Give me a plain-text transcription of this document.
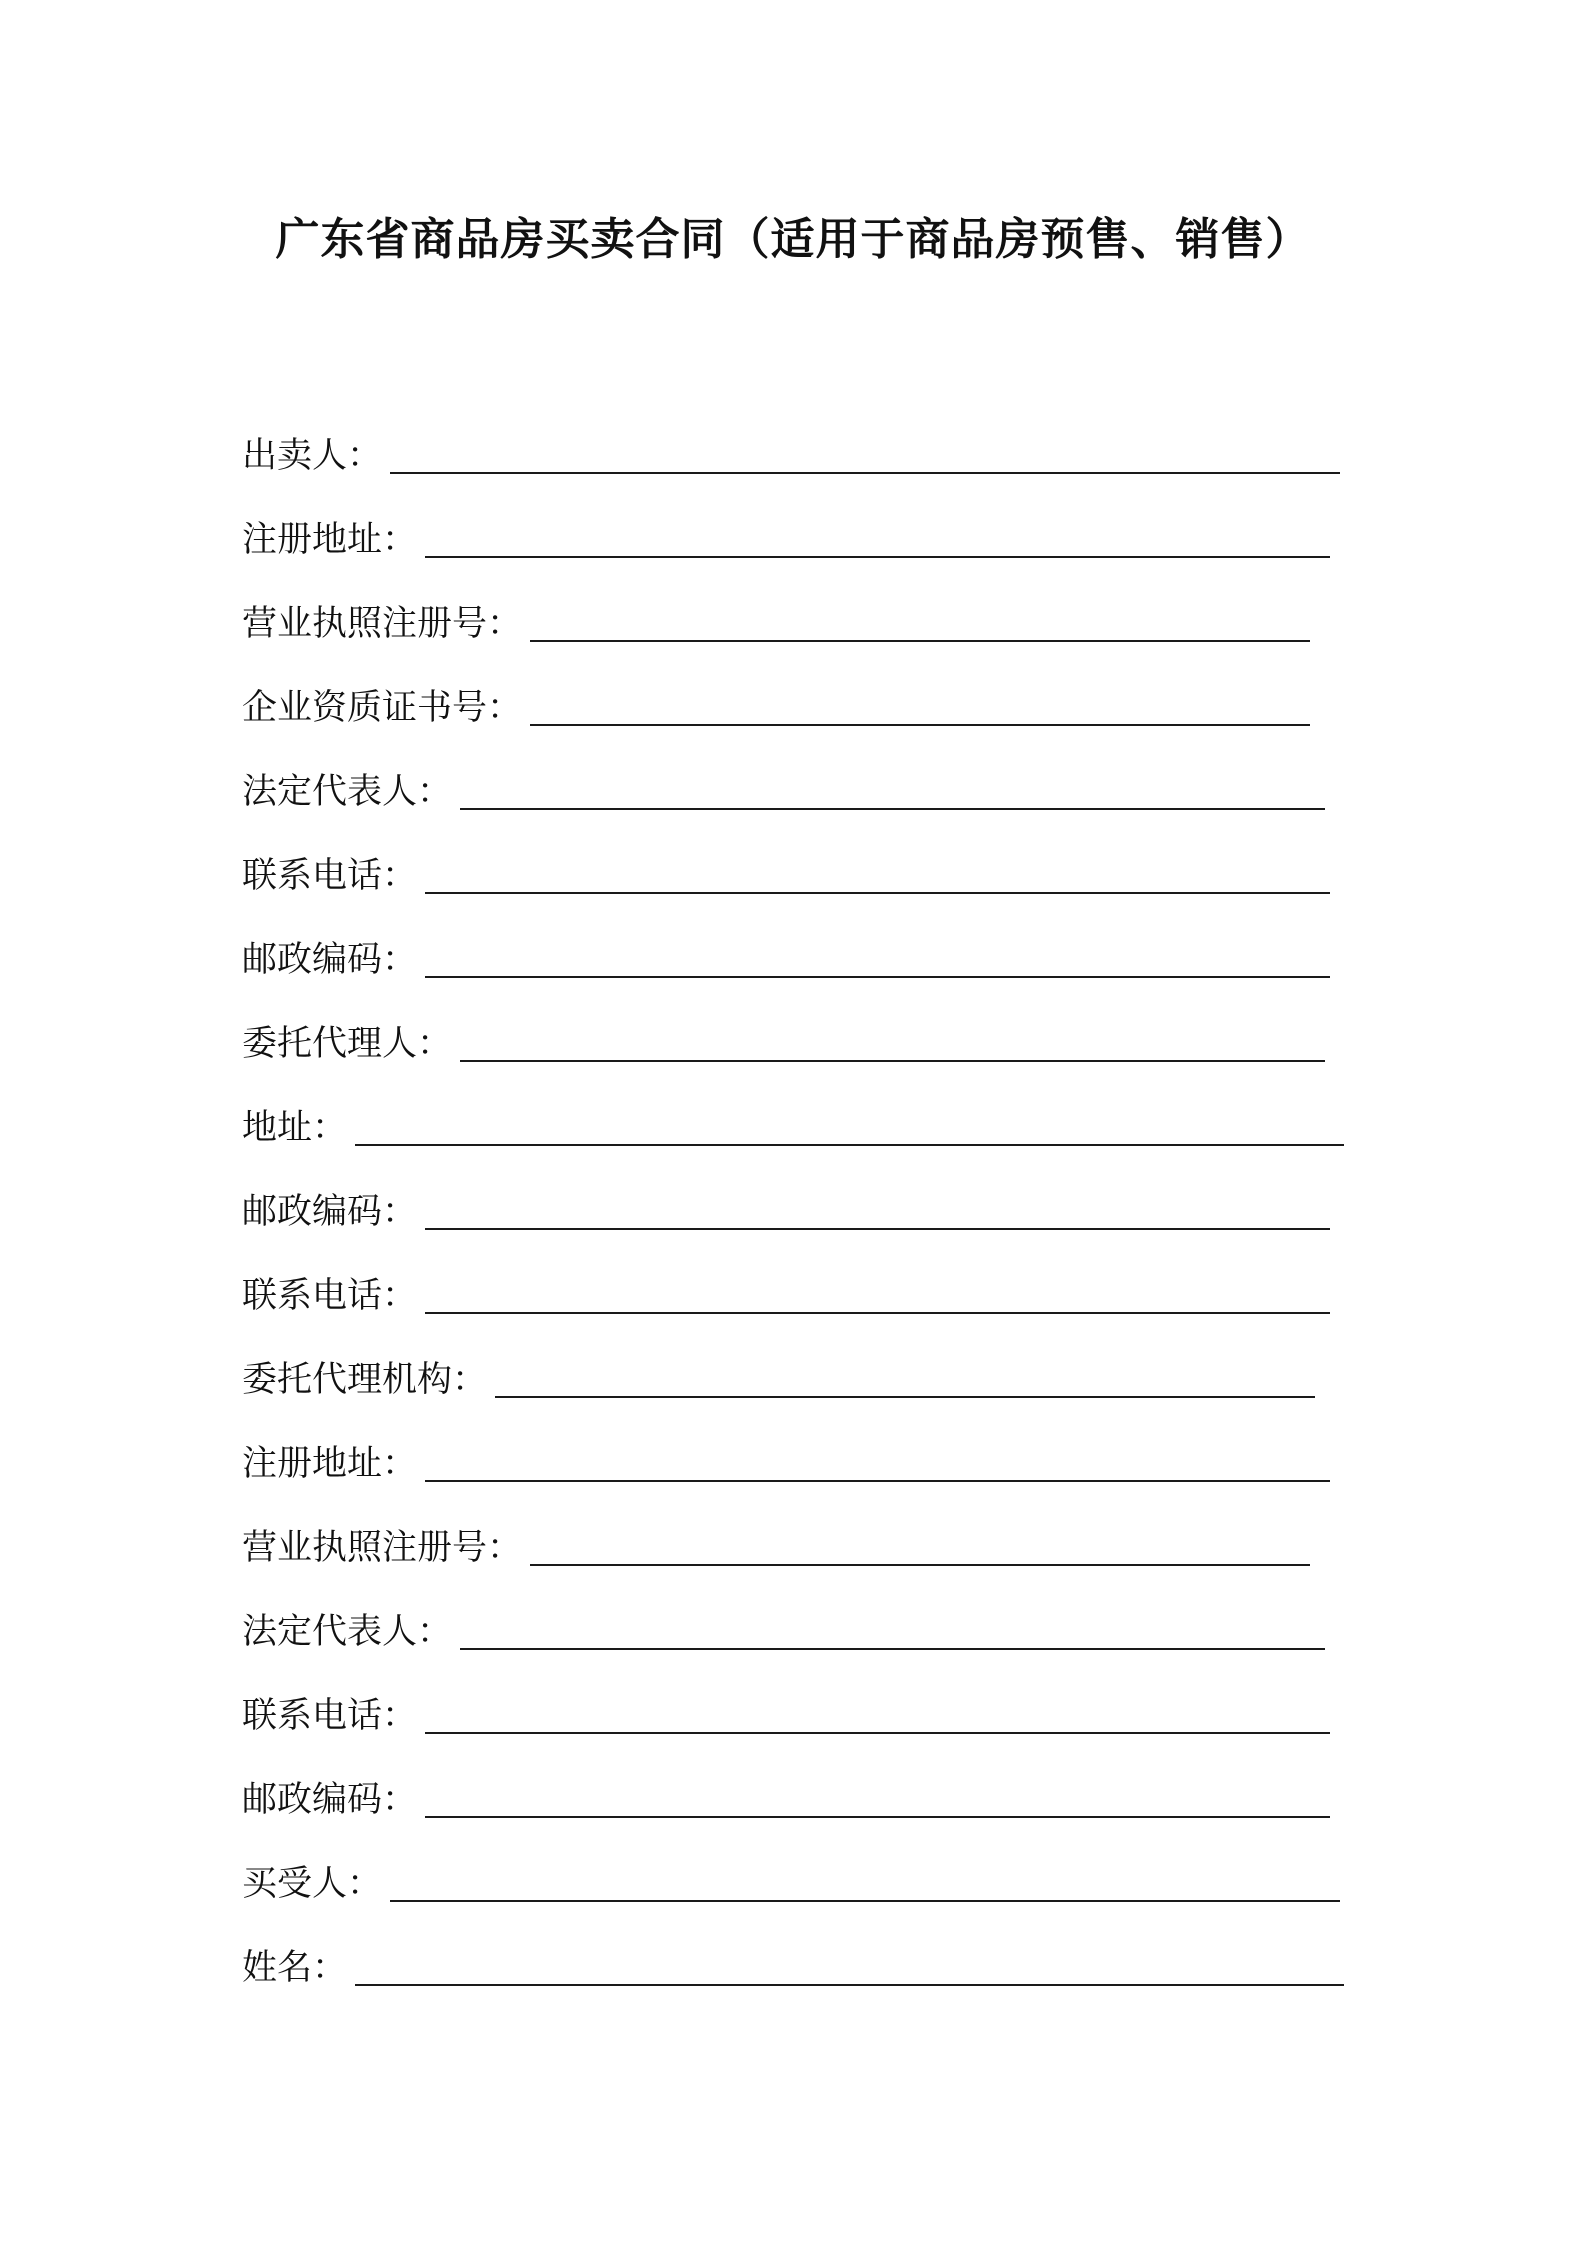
广东省商品房买卖合同（适用于商品房预售、销售）
出卖人：
注册地址：
营业执照注册号：
企业资质证书号：
法定代表人：
联系电话：
邮政编码：
委托代理人：
地址：
邮政编码：
联系电话：
委托代理机构：
注册地址：
营业执照注册号：
法定代表人：
联系电话：
邮政编码：
买受人：
姓名：
